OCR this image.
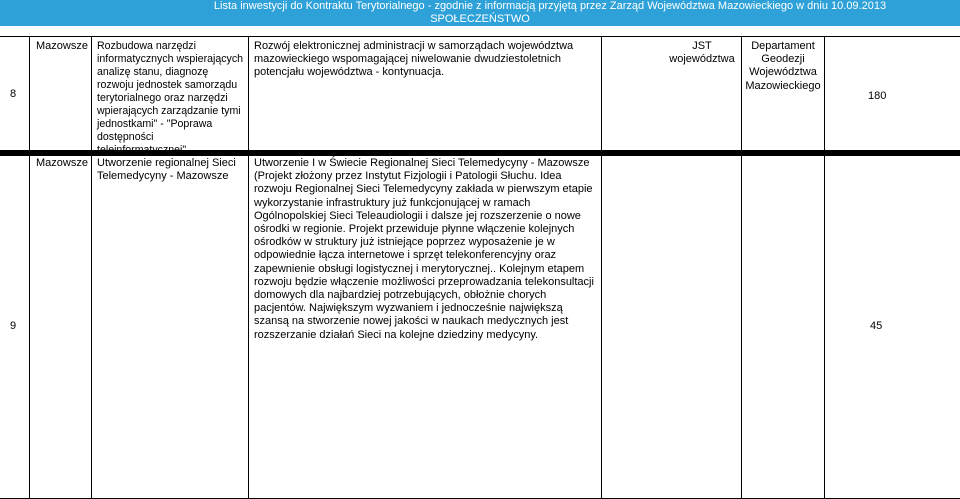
Lista inwestycji do Kontraktu Terytorialnego - zgodnie z informacją przyjętą przez Zarząd Województwa Mazowieckiego w dniu 10.09.2013
SPOŁECZEŃSTWO
8
Mazowsze Rozbudowa narzędzi informatycznych wspierających analizę stanu, diagnozę rozwoju jednostek samorządu terytorialnego oraz narzędzi wpierających zarządzanie tymi jednostkami" - "Poprawa dostępności teleinformatycznej".
Rozwój elektronicznej administracji w samorządach województwa mazowieckiego wspomagającej niwelowanie dwudziestoletnich potencjału województwa - kontynuacja.
JST województwa
Departament Geodezji Województwa Mazowieckiego
180
9
Mazowsze Utworzenie regionalnej Sieci Telemedycyny - Mazowsze
Utworzenie I w Świecie Regionalnej Sieci Telemedycyny - Mazowsze (Projekt złożony przez Instytut Fizjologii i Patologii Słuchu. Idea rozwoju Regionalnej Sieci Telemedycyny zakłada w pierwszym etapie wykorzystanie infrastruktury już funkcjonującej w ramach Ogólnopolskiej Sieci Teleaudiologii i dalsze jej rozszerzenie o nowe ośrodki w regionie. Projekt przewiduje płynne włączenie kolejnych ośrodków w struktury już istniejące poprzez wyposażenie je w odpowiednie łącza internetowe i sprzęt telekonferencyjny oraz zapewnienie obsługi logistycznej i merytorycznej.. Kolejnym etapem rozwoju będzie włączenie możliwości przeprowadzania telekonsultacji domowych dla najbardziej potrzebujących, obłożnie chorych pacjentów. Największym wyzwaniem i jednocześnie największą szansą na stworzenie nowej jakości w naukach medycznych jest rozszerzanie działań Sieci na kolejne dziedziny medycyny.
45
